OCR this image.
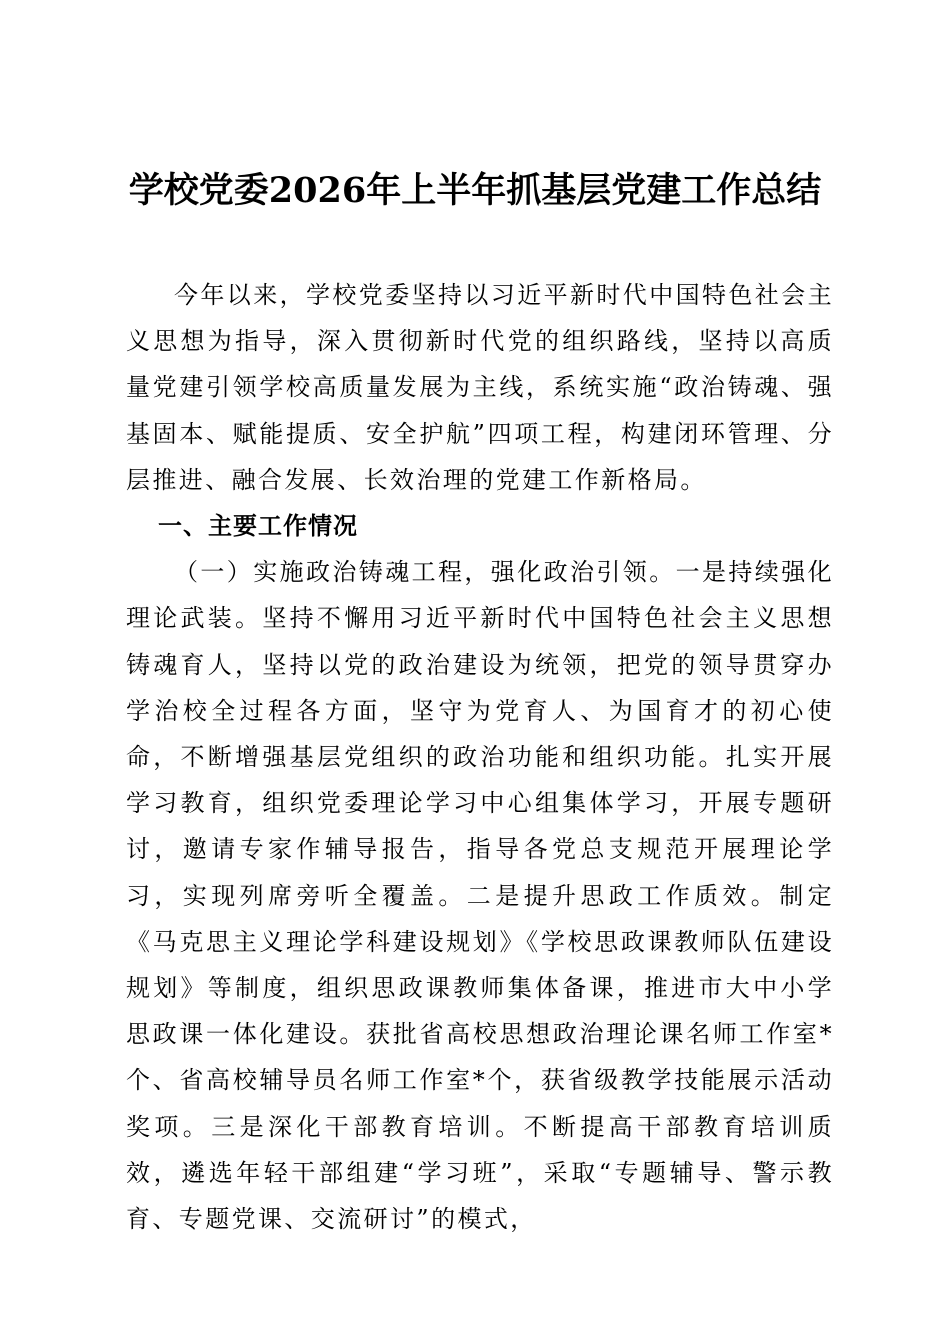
学校党委2026年上半年抓基层党建工作总结

今年以来，学校党委坚持以习近平新时代中国特色社会主义思想为指导，深入贯彻新时代党的组织路线，坚持以高质量党建引领学校高质量发展为主线，系统实施“政治铸魂、强基固本、赋能提质、安全护航”四项工程，构建闭环管理、分层推进、融合发展、长效治理的党建工作新格局。

一、主要工作情况

（一）实施政治铸魂工程，强化政治引领。一是持续强化理论武装。坚持不懈用习近平新时代中国特色社会主义思想铸魂育人，坚持以党的政治建设为统领，把党的领导贯穿办学治校全过程各方面，坚守为党育人、为国育才的初心使命，不断增强基层党组织的政治功能和组织功能。扎实开展学习教育，组织党委理论学习中心组集体学习，开展专题研讨，邀请专家作辅导报告，指导各党总支规范开展理论学习，实现列席旁听全覆盖。二是提升思政工作质效。制定《马克思主义理论学科建设规划》《学校思政课教师队伍建设规划》等制度，组织思政课教师集体备课，推进市大中小学思政课一体化建设。获批省高校思想政治理论课名师工作室*个、省高校辅导员名师工作室*个，获省级教学技能展示活动奖项。三是深化干部教育培训。不断提高干部教育培训质效，遴选年轻干部组建“学习班”，采取“专题辅导、警示教育、专题党课、交流研讨”的模式，
